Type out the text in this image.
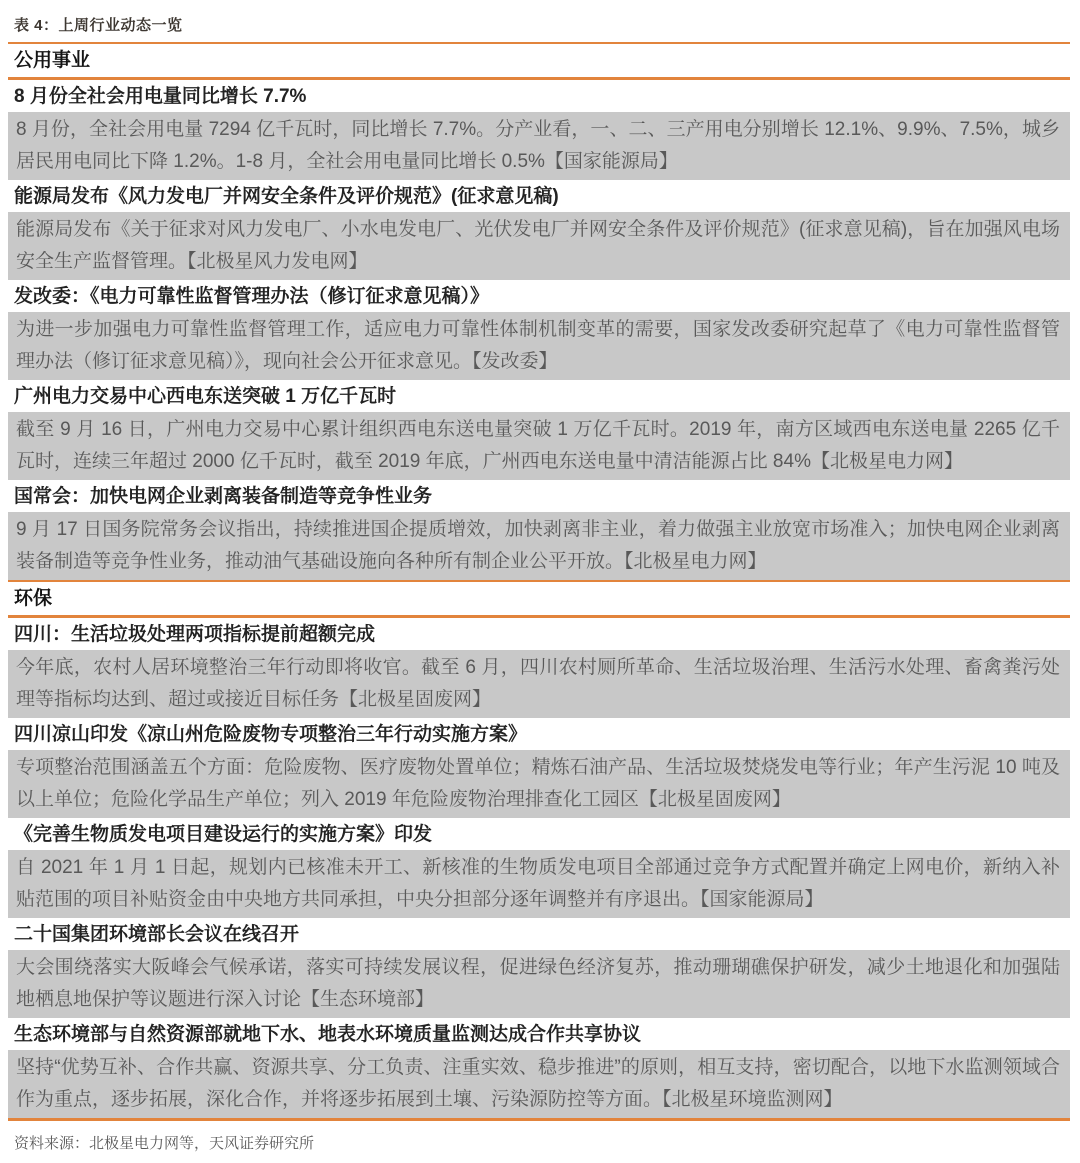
表 4：上周行业动态一览
公用事业
8 月份全社会用电量同比增长 7.7%
8 月份，全社会用电量 7294 亿千瓦时，同比增长 7.7%。分产业看，一、二、三产用电分别增长 12.1%、9.9%、7.5%，城乡居民用电同比下降 1.2%。1-8 月，全社会用电量同比增长 0.5%【国家能源局】
能源局发布《风力发电厂并网安全条件及评价规范》(征求意见稿)
能源局发布《关于征求对风力发电厂、小水电发电厂、光伏发电厂并网安全条件及评价规范》(征求意见稿)，旨在加强风电场安全生产监督管理。【北极星风力发电网】
发改委：《电力可靠性监督管理办法（修订征求意见稿）》
为进一步加强电力可靠性监督管理工作，适应电力可靠性体制机制变革的需要，国家发改委研究起草了《电力可靠性监督管理办法（修订征求意见稿）》，现向社会公开征求意见。【发改委】
广州电力交易中心西电东送突破 1 万亿千瓦时
截至 9 月 16 日，广州电力交易中心累计组织西电东送电量突破 1 万亿千瓦时。2019 年，南方区域西电东送电量 2265 亿千瓦时，连续三年超过 2000 亿千瓦时，截至 2019 年底，广州西电东送电量中清洁能源占比 84%【北极星电力网】
国常会：加快电网企业剥离装备制造等竞争性业务
9 月 17 日国务院常务会议指出，持续推进国企提质增效，加快剥离非主业，着力做强主业放宽市场准入；加快电网企业剥离装备制造等竞争性业务，推动油气基础设施向各种所有制企业公平开放。【北极星电力网】
环保
四川：生活垃圾处理两项指标提前超额完成
今年底，农村人居环境整治三年行动即将收官。截至 6 月，四川农村厕所革命、生活垃圾治理、生活污水处理、畜禽粪污处理等指标均达到、超过或接近目标任务【北极星固废网】
四川凉山印发《凉山州危险废物专项整治三年行动实施方案》
专项整治范围涵盖五个方面：危险废物、医疗废物处置单位；精炼石油产品、生活垃圾焚烧发电等行业；年产生污泥 10 吨及以上单位；危险化学品生产单位；列入 2019 年危险废物治理排查化工园区【北极星固废网】
《完善生物质发电项目建设运行的实施方案》印发
自 2021 年 1 月 1 日起，规划内已核准未开工、新核准的生物质发电项目全部通过竞争方式配置并确定上网电价，新纳入补贴范围的项目补贴资金由中央地方共同承担，中央分担部分逐年调整并有序退出。【国家能源局】
二十国集团环境部长会议在线召开
大会围绕落实大阪峰会气候承诺，落实可持续发展议程，促进绿色经济复苏，推动珊瑚礁保护研发，减少土地退化和加强陆地栖息地保护等议题进行深入讨论【生态环境部】
生态环境部与自然资源部就地下水、地表水环境质量监测达成合作共享协议
坚持“优势互补、合作共赢、资源共享、分工负责、注重实效、稳步推进”的原则，相互支持，密切配合，以地下水监测领域合作为重点，逐步拓展，深化合作，并将逐步拓展到土壤、污染源防控等方面。【北极星环境监测网】
资料来源：北极星电力网等，天风证券研究所
